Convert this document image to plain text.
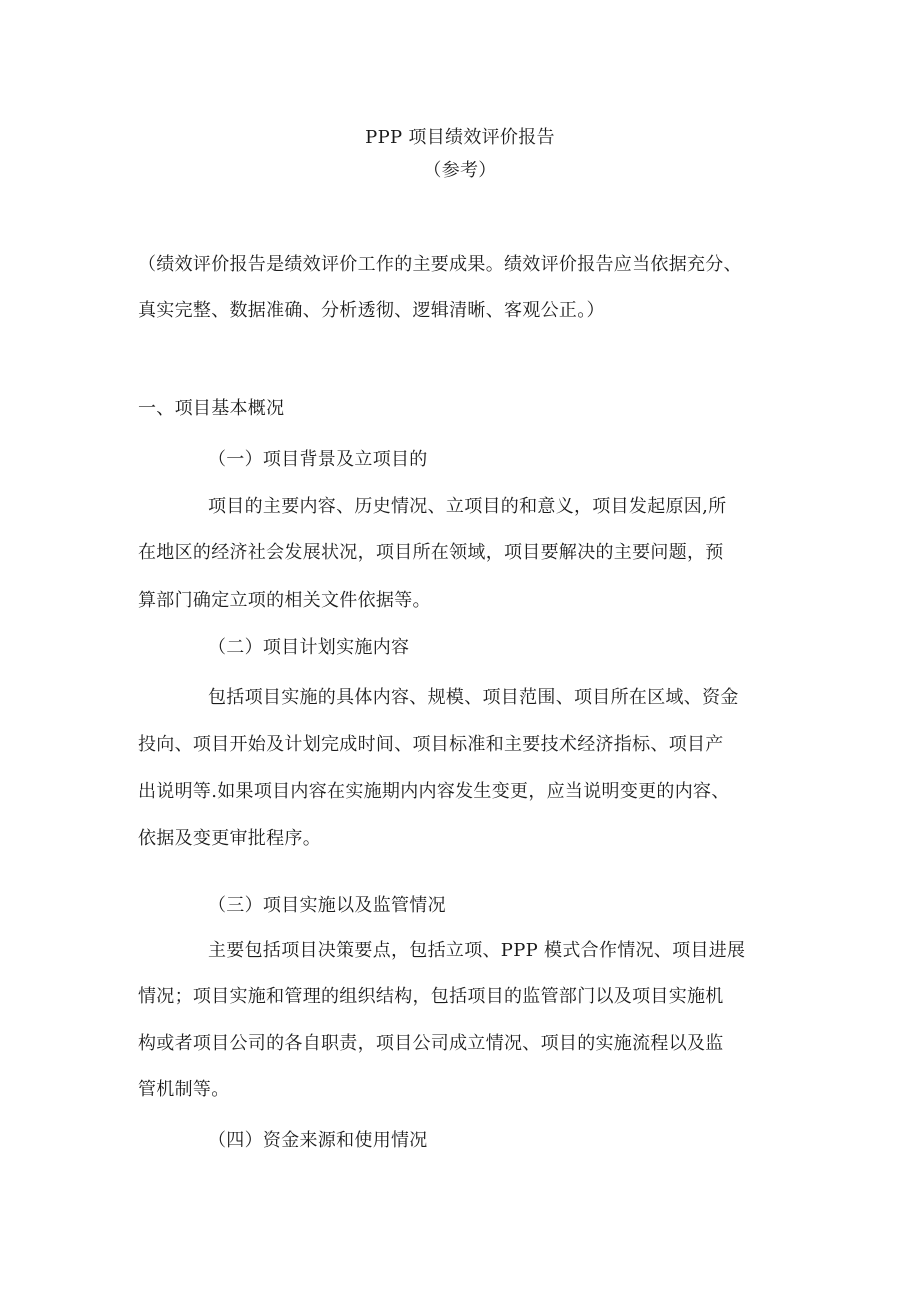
PPP 项目绩效评价报告
（参考）
（绩效评价报告是绩效评价工作的主要成果。绩效评价报告应当依据充分、
真实完整、数据准确、分析透彻、逻辑清晰、客观公正。）
一、项目基本概况
（一）项目背景及立项目的
项目的主要内容、历史情况、立项目的和意义，项目发起原因,所
在地区的经济社会发展状况，项目所在领域，项目要解决的主要问题，预
算部门确定立项的相关文件依据等。
（二）项目计划实施内容
包括项目实施的具体内容、规模、项目范围、项目所在区域、资金
投向、项目开始及计划完成时间、项目标准和主要技术经济指标、项目产
出说明等.如果项目内容在实施期内内容发生变更，应当说明变更的内容、
依据及变更审批程序。
（三）项目实施以及监管情况
主要包括项目决策要点，包括立项、PPP 模式合作情况、项目进展
情况；项目实施和管理的组织结构，包括项目的监管部门以及项目实施机
构或者项目公司的各自职责，项目公司成立情况、项目的实施流程以及监
管机制等。
（四）资金来源和使用情况
